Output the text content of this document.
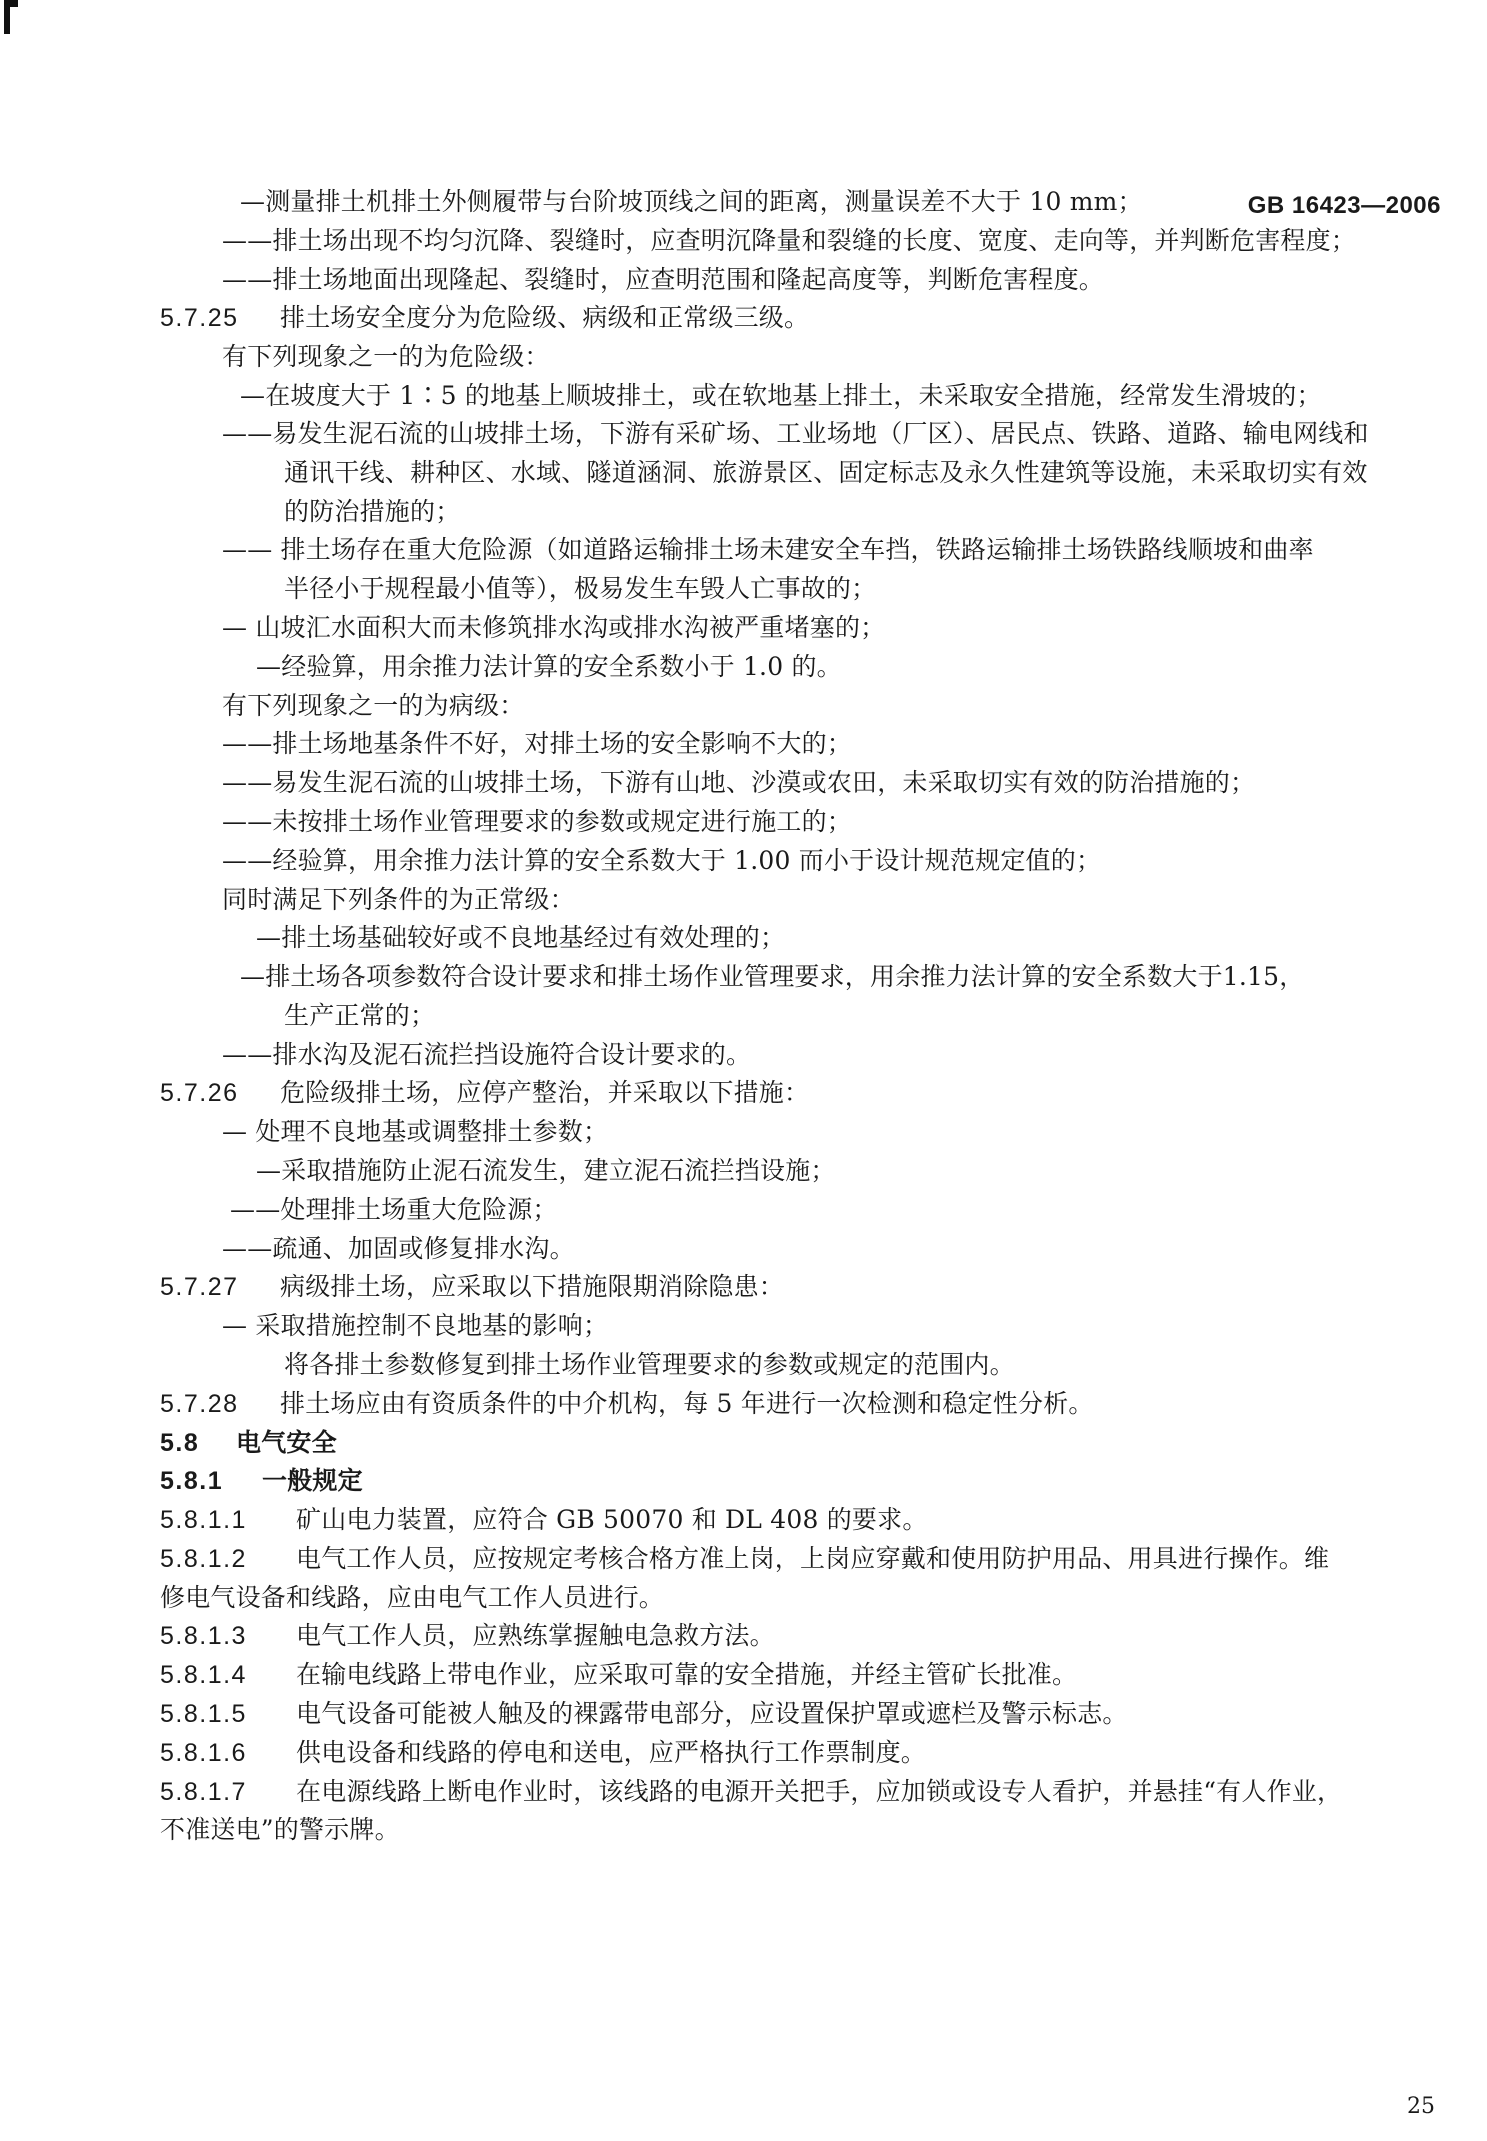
GB 16423—2006
—测量排土机排土外侧履带与台阶坡顶线之间的距离，测量误差不大于 10 mm；
——排土场出现不均匀沉降、裂缝时，应查明沉降量和裂缝的长度、宽度、走向等，并判断危害程度；
——排土场地面出现隆起、裂缝时，应查明范围和隆起高度等，判断危害程度。
5.7.25 排土场安全度分为危险级、病级和正常级三级。
有下列现象之一的为危险级：
—在坡度大于 1∶5 的地基上顺坡排土，或在软地基上排土，未采取安全措施，经常发生滑坡的；
——易发生泥石流的山坡排土场，下游有采矿场、工业场地（厂区）、居民点、铁路、道路、输电网线和
通讯干线、耕种区、水域、隧道涵洞、旅游景区、固定标志及永久性建筑等设施，未采取切实有效
的防治措施的；
—— 排土场存在重大危险源（如道路运输排土场未建安全车挡，铁路运输排土场铁路线顺坡和曲率
半径小于规程最小值等），极易发生车毁人亡事故的；
— 山坡汇水面积大而未修筑排水沟或排水沟被严重堵塞的；
—经验算，用余推力法计算的安全系数小于 1.0 的。
有下列现象之一的为病级：
——排土场地基条件不好，对排土场的安全影响不大的；
——易发生泥石流的山坡排土场，下游有山地、沙漠或农田，未采取切实有效的防治措施的；
——未按排土场作业管理要求的参数或规定进行施工的；
——经验算，用余推力法计算的安全系数大于 1.00 而小于设计规范规定值的；
同时满足下列条件的为正常级：
—排土场基础较好或不良地基经过有效处理的；
—排土场各项参数符合设计要求和排土场作业管理要求，用余推力法计算的安全系数大于1.15，
生产正常的；
——排水沟及泥石流拦挡设施符合设计要求的。
5.7.26 危险级排土场，应停产整治，并采取以下措施：
— 处理不良地基或调整排土参数；
—采取措施防止泥石流发生，建立泥石流拦挡设施；
——处理排土场重大危险源；
——疏通、加固或修复排水沟。
5.7.27 病级排土场，应采取以下措施限期消除隐患：
— 采取措施控制不良地基的影响；
将各排土参数修复到排土场作业管理要求的参数或规定的范围内。
5.7.28 排土场应由有资质条件的中介机构，每 5 年进行一次检测和稳定性分析。
5.8 电气安全
5.8.1 一般规定
5.8.1.1 矿山电力装置，应符合 GB 50070 和 DL 408 的要求。
5.8.1.2 电气工作人员，应按规定考核合格方准上岗，上岗应穿戴和使用防护用品、用具进行操作。维
修电气设备和线路，应由电气工作人员进行。
5.8.1.3 电气工作人员，应熟练掌握触电急救方法。
5.8.1.4 在输电线路上带电作业，应采取可靠的安全措施，并经主管矿长批准。
5.8.1.5 电气设备可能被人触及的裸露带电部分，应设置保护罩或遮栏及警示标志。
5.8.1.6 供电设备和线路的停电和送电，应严格执行工作票制度。
5.8.1.7 在电源线路上断电作业时，该线路的电源开关把手，应加锁或设专人看护，并悬挂“有人作业，
不准送电”的警示牌。
25
